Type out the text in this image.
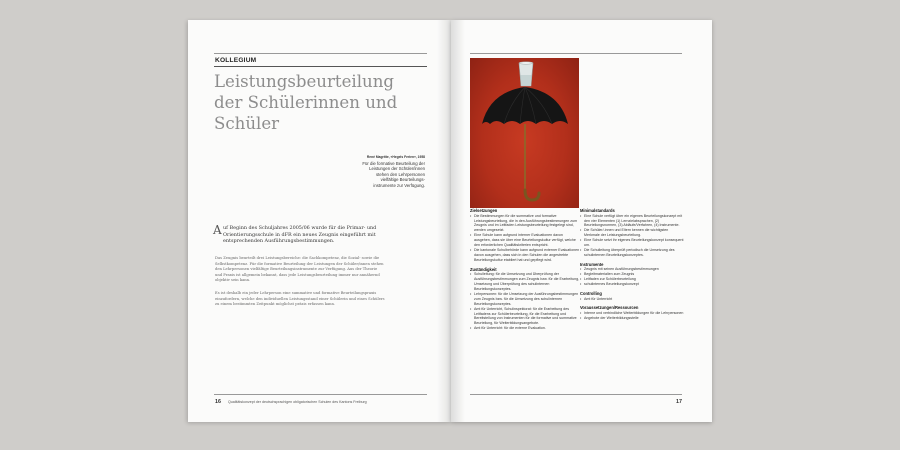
KOLLEGIUM
Leistungsbeurteilung
der Schülerinnen und
Schüler
René Magritte, «Hegels Ferien», 1958
Für die formative Beurteilung der
Leistungen der Schüler/innen
stehen den Lehrpersonen
vielfältige Beurteilungs-
instrumente zur Verfügung.
A uf Beginn des Schuljahres 2005/06 wurde für die Primar- und
Orientierungsschule in dFR ein neues Zeugnis eingeführt mit
entsprechenden Ausführungsbestimmungen.
Das Zeugnis beurteilt drei Leistungsbereiche: die Sachkompetenz, die Sozial- sowie die
Selbstkompetenz. Für die formative Beurteilung der Leistungen der Schüler/innen stehen
den Lehrpersonen vielfältige Beurteilungsinstrumente zur Verfügung. Aus der Theorie
und Praxis ist allgemein bekannt, dass jede Leistungsbeurteilung immer nur annähernd
objektiv sein kann.
Es ist deshalb ein jeder Lehrperson eine summative und formative Beurteilungspraxis
einzufordern, welche den individuellen Leistungsstand einer Schülerin und eines Schülers
zu einem bestimmten Zeitpunkt möglichst präzis erfassen kann.
16 Qualitätskonzept der deutschsprachigen obligatorischen Schulen des Kantons Freiburg
Zielsetzungen
• Die Bestimmungen für die summative und formative Leistungsbeurteilung, die in den Ausführungsbestimmungen zum Zeugnis und im Leitfaden Leistungsbeurteilung festgelegt sind, werden umgesetzt.
• Eine Schule kann aufgrund interner Evaluationen davon ausgehen, dass sie über eine Beurteilungskultur verfügt, welche den erforderlichen Qualitätskriterien entspricht.
• Die kantonale Schulbehörde kann aufgrund externer Evaluationen davon ausgehen, dass sich in den Schulen die angestrebte Beurteilungskultur etabliert hat und gepflegt wird.
Zuständigkeit
• Schulleitung: für die Umsetzung und Überprüfung der Ausführungsbestimmungen zum Zeugnis bzw. für die Erarbeitung, Umsetzung und Überprüfung des schulinternen Beurteilungskonzeptes.
• Lehrpersonen: für die Umsetzung der Ausführungsbestimmungen zum Zeugnis bzw. für die Umsetzung des schulinternen Beurteilungskonzeptes.
• Amt für Unterricht, Schulinspektorat: für die Erarbeitung des Leitfadens zur Schülerbeurteilung, für die Erarbeitung und Bereitstellung von Instrumenten für die formative und summative Beurteilung, für Weiterbildungsangebote.
• Amt für Unterricht: für die externe Evaluation.
Minimalstandards
• Eine Schule verfügt über ein eigenes Beurteilungskonzept mit den vier Elementen (1) Lernzielabsprachen, (2) Beurteilungsnormen, (3) Abläufe/Verfahren, (4) Instrumente.
• Die Schüler/-innen und Eltern kennen die wichtigsten Merkmale der Leistungsbeurteilung.
• Eine Schule setzt ihr eigenes Beurteilungskonzept konsequent um.
• Die Schulleitung überprüft periodisch die Umsetzung des schulinternen Beurteilungskonzeptes.
Instrumente
• Zeugnis mit seinen Ausführungsbestimmungen
• Begleitmaterialien zum Zeugnis
• Leitfaden zur Schülerbeurteilung
• schulinternes Beurteilungskonzept
Controlling
• Amt für Unterricht
Voraussetzungen/Ressourcen
• Interne und verbindliche Weiterbildungen für die Lehrpersonen
• Angebote der Weiterbildungsstelle
17
